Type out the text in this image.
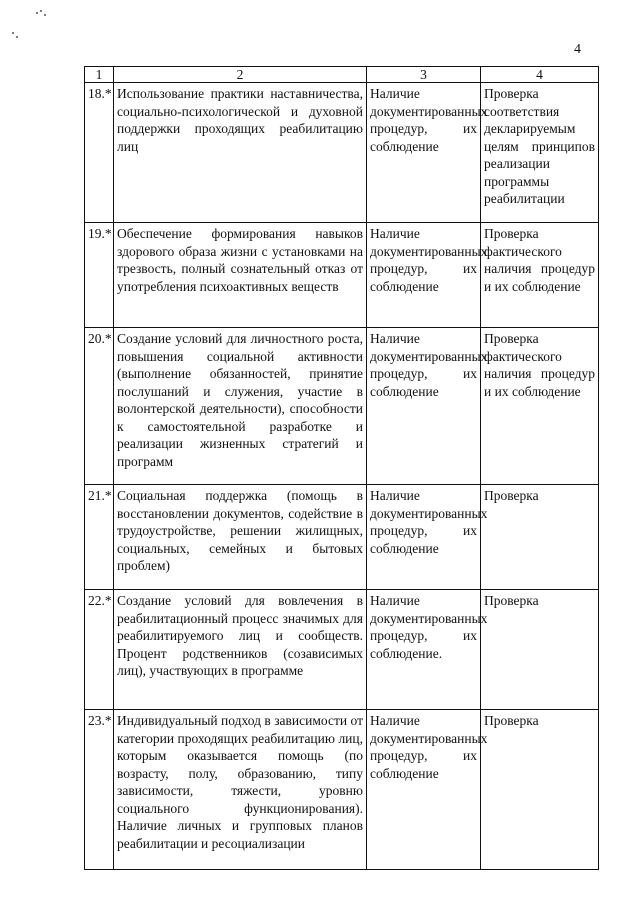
4
1	2	3	4
18.*	Использование практики наставничества, социально-психологической и духовной поддержки проходящих реабилитацию лиц	Наличие документированных процедур, их соблюдение	Проверка соответствия декларируемым целям принципов реализации программы реабилитации
19.*	Обеспечение формирования навыков здорового образа жизни с установками на трезвость, полный сознательный отказ от употребления психоактивных веществ	Наличие документированных процедур, их соблюдение	Проверка фактического наличия процедур и их соблюдение
20.*	Создание условий для личностного роста, повышения социальной активности (выполнение обязанностей, принятие послушаний и служения, участие в волонтерской деятельности), способности к самостоятельной разработке и реализации жизненных стратегий и программ	Наличие документированных процедур, их соблюдение	Проверка фактического наличия процедур и их соблюдение
21.*	Социальная поддержка (помощь в восстановлении документов, содействие в трудоустройстве, решении жилищных, социальных, семейных и бытовых проблем)	Наличие документированных процедур, их соблюдение	Проверка
22.*	Создание условий для вовлечения в реабилитационный процесс значимых для реабилитируемого лиц и сообществ. Процент родственников (созависимых лиц), участвующих в программе	Наличие документированных процедур, их соблюдение.	Проверка
23.*	Индивидуальный подход в зависимости от категории проходящих реабилитацию лиц, которым оказывается помощь (по возрасту, полу, образованию, типу зависимости, тяжести, уровню социального функционирования). Наличие личных и групповых планов реабилитации и ресоциализации	Наличие документированных процедур, их соблюдение	Проверка
